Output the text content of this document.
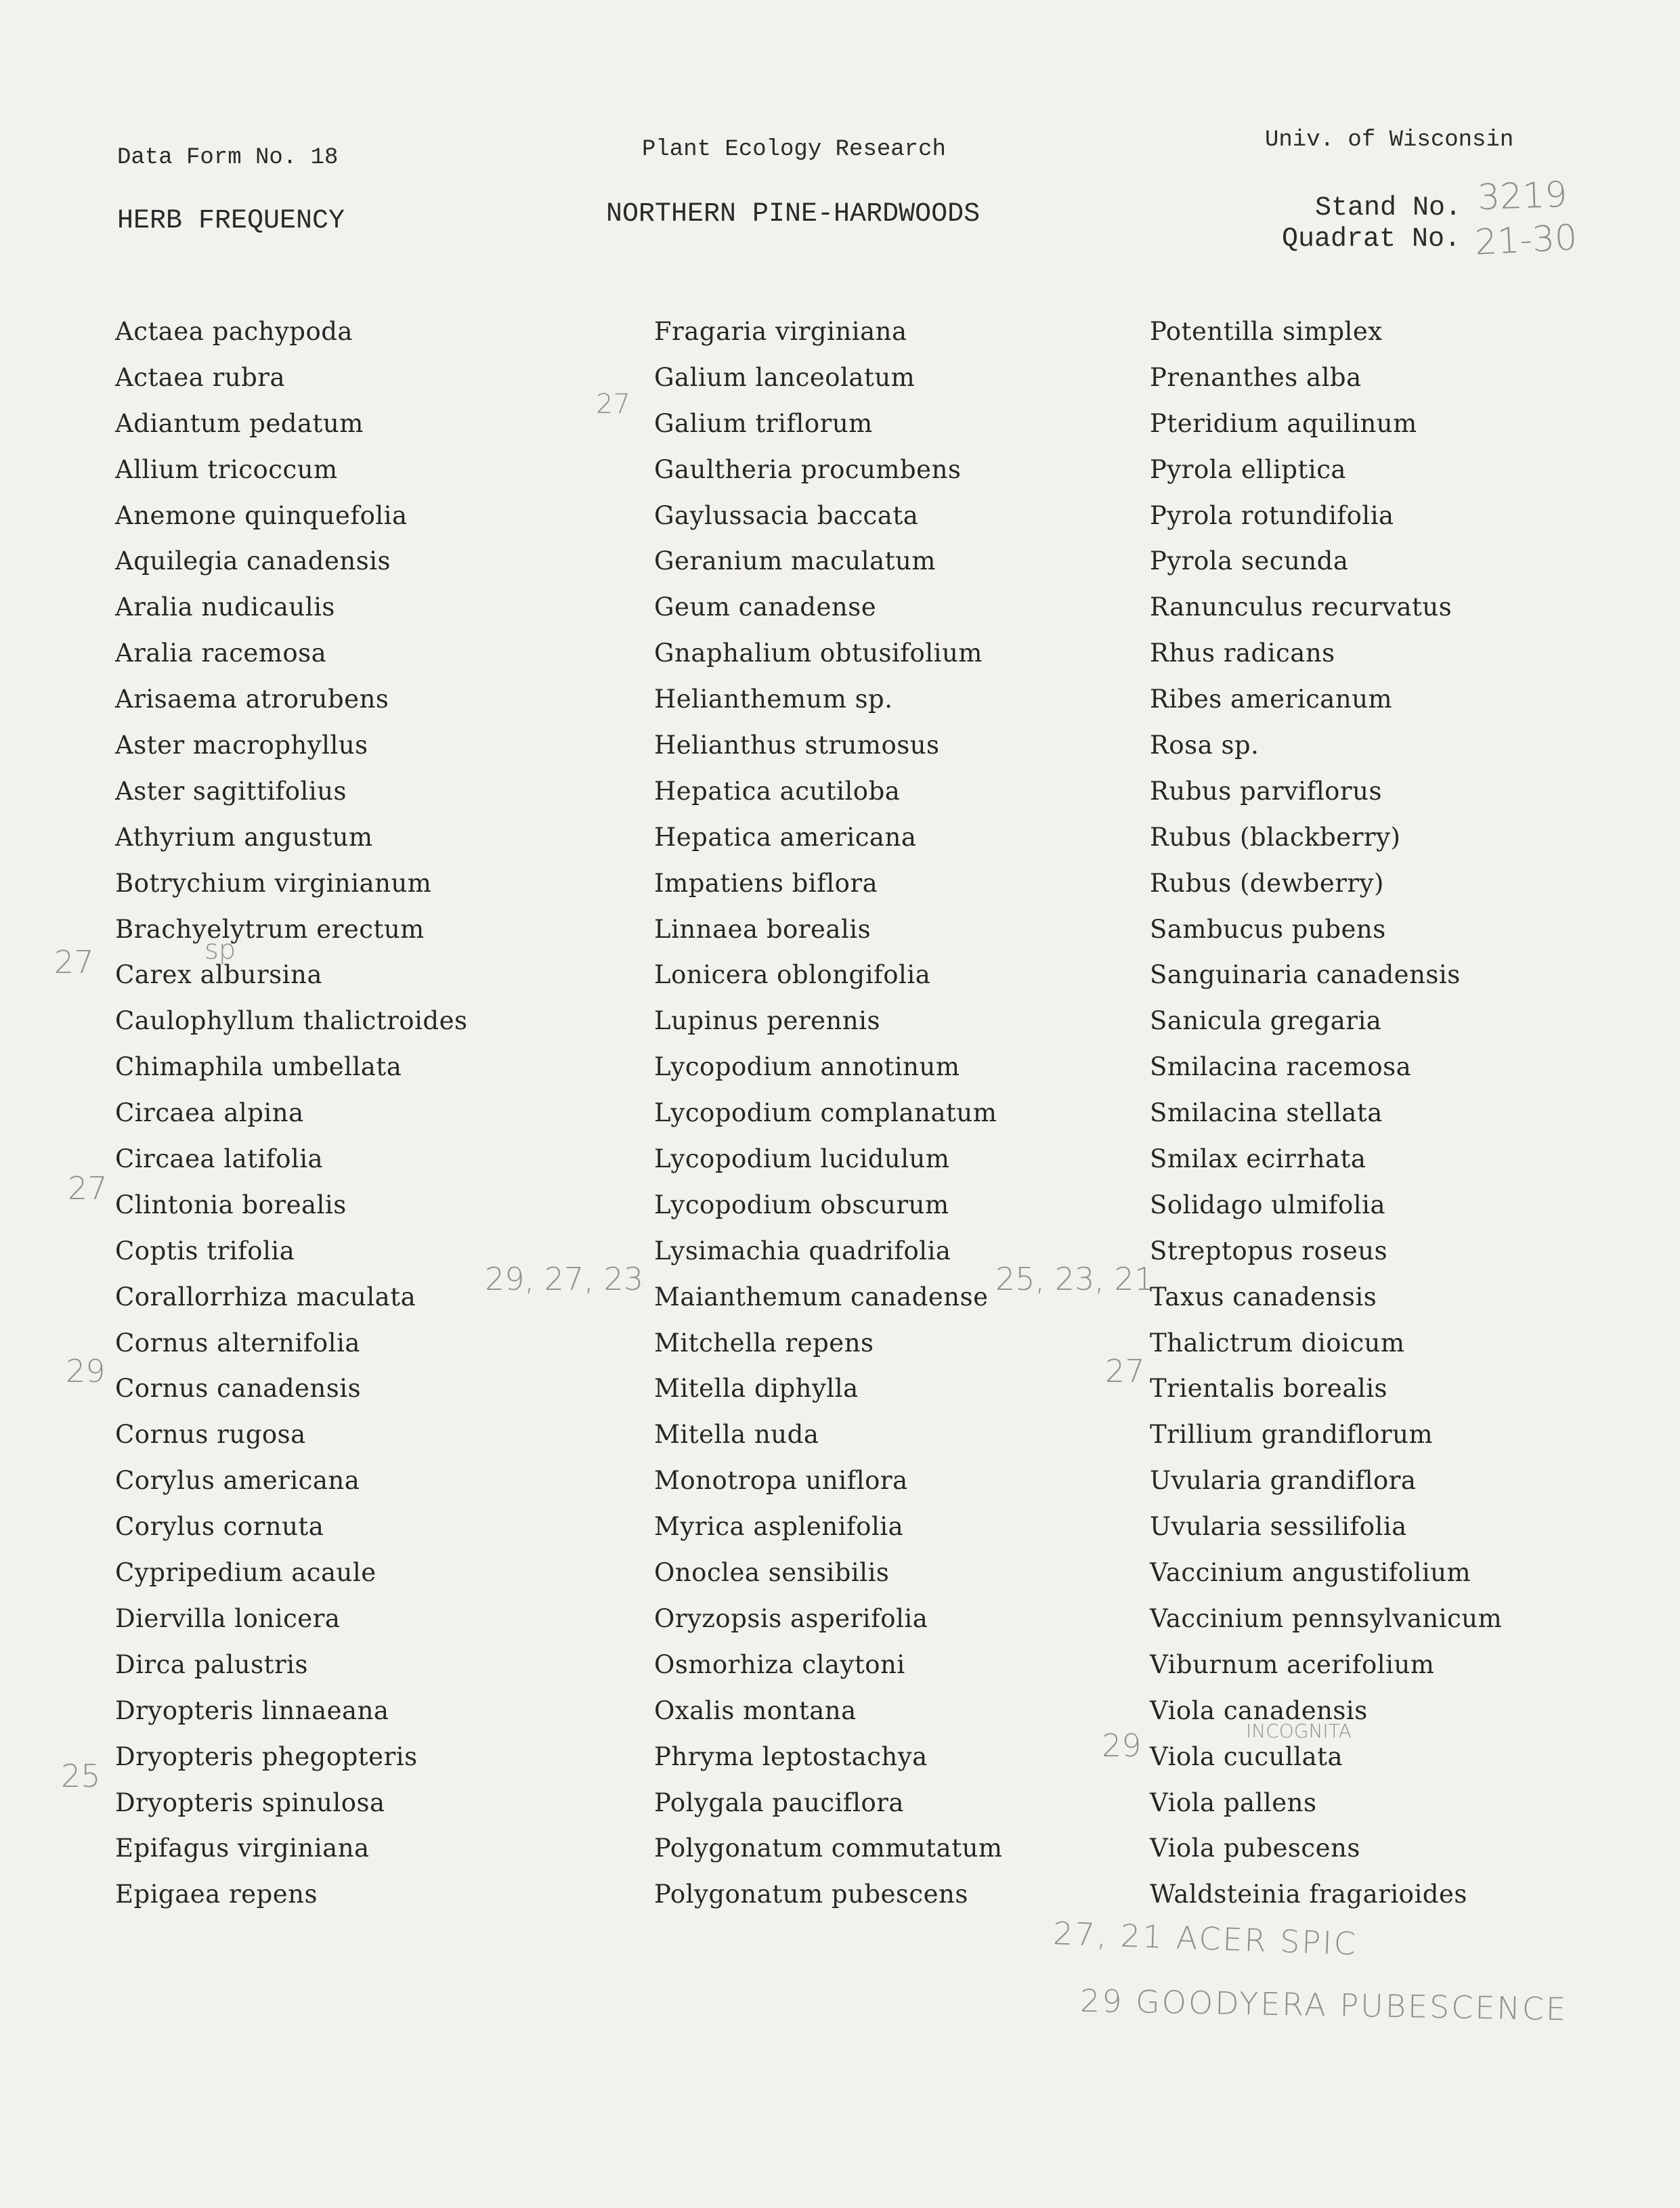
Data Form No. 18
HERB FREQUENCY
Plant Ecology Research
NORTHERN PINE-HARDWOODS
Univ. of Wisconsin
Stand No.
Quadrat No.
3219
21-30
Actaea pachypoda
Actaea rubra
Adiantum pedatum
Allium tricoccum
Anemone quinquefolia
Aquilegia canadensis
Aralia nudicaulis
Aralia racemosa
Arisaema atrorubens
Aster macrophyllus
Aster sagittifolius
Athyrium angustum
Botrychium virginianum
Brachyelytrum erectum
Carex albursina
Caulophyllum thalictroides
Chimaphila umbellata
Circaea alpina
Circaea latifolia
Clintonia borealis
Coptis trifolia
Corallorrhiza maculata
Cornus alternifolia
Cornus canadensis
Cornus rugosa
Corylus americana
Corylus cornuta
Cypripedium acaule
Diervilla lonicera
Dirca palustris
Dryopteris linnaeana
Dryopteris phegopteris
Dryopteris spinulosa
Epifagus virginiana
Epigaea repens
Fragaria virginiana
Galium lanceolatum
Galium triflorum
Gaultheria procumbens
Gaylussacia baccata
Geranium maculatum
Geum canadense
Gnaphalium obtusifolium
Helianthemum sp.
Helianthus strumosus
Hepatica acutiloba
Hepatica americana
Impatiens biflora
Linnaea borealis
Lonicera oblongifolia
Lupinus perennis
Lycopodium annotinum
Lycopodium complanatum
Lycopodium lucidulum
Lycopodium obscurum
Lysimachia quadrifolia
Maianthemum canadense
Mitchella repens
Mitella diphylla
Mitella nuda
Monotropa uniflora
Myrica asplenifolia
Onoclea sensibilis
Oryzopsis asperifolia
Osmorhiza claytoni
Oxalis montana
Phryma leptostachya
Polygala pauciflora
Polygonatum commutatum
Polygonatum pubescens
Potentilla simplex
Prenanthes alba
Pteridium aquilinum
Pyrola elliptica
Pyrola rotundifolia
Pyrola secunda
Ranunculus recurvatus
Rhus radicans
Ribes americanum
Rosa sp.
Rubus parviflorus
Rubus (blackberry)
Rubus (dewberry)
Sambucus pubens
Sanguinaria canadensis
Sanicula gregaria
Smilacina racemosa
Smilacina stellata
Smilax ecirrhata
Solidago ulmifolia
Streptopus roseus
Taxus canadensis
Thalictrum dioicum
Trientalis borealis
Trillium grandiflorum
Uvularia grandiflora
Uvularia sessilifolia
Vaccinium angustifolium
Vaccinium pennsylvanicum
Viburnum acerifolium
Viola canadensis
Viola cucullata
Viola pallens
Viola pubescens
Waldsteinia fragarioides
27
27
29
25
27
29, 27, 23	25, 23, 21
27
29
sp
INCOGNITA
27, 21 ACER SPIC
29 GOODYERA PUBESCENCE
